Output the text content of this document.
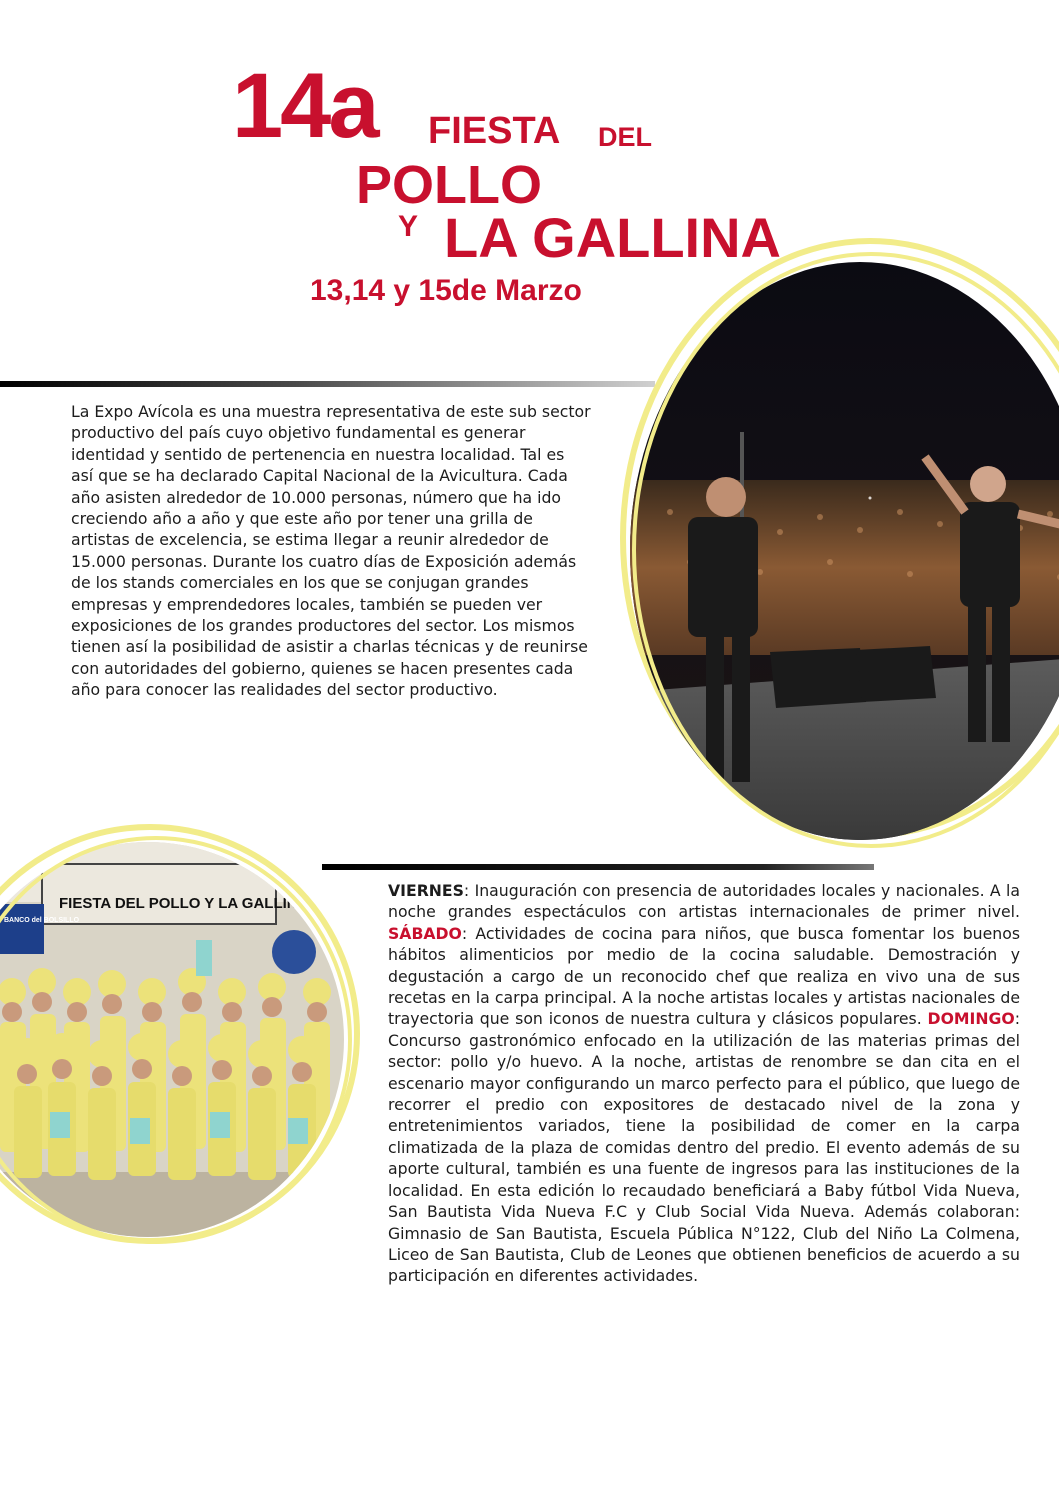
14a FIESTA DEL
POLLO
Y LA GALLINA
13,14 y 15de Marzo

La Expo Avícola es una muestra representativa de este sub sector productivo del país cuyo objetivo fundamental es generar identidad y sentido de pertenencia en nuestra localidad. Tal es así que se ha declarado Capital Nacional de la Avicultura. Cada año asisten alrededor de 10.000 personas, número que ha ido creciendo año a año y que este año por tener una grilla de artistas de excelencia, se estima llegar a reunir alrededor de 15.000 personas. Durante los cuatro días de Exposición además de los stands comerciales en los que se conjugan grandes empresas y emprendedores locales, también se pueden ver exposiciones de los grandes productores del sector. Los mismos tienen así la posibilidad de asistir a charlas técnicas y de reunirse con autoridades del gobierno, quienes se hacen presentes cada año para conocer las realidades del sector productivo.

FIESTA DEL POLLO Y LA GALLINA
BANCO del BOLSILLO

VIERNES: Inauguración con presencia de autoridades locales y nacionales. A la noche grandes espectáculos con artistas internacionales de primer nivel. SÁBADO: Actividades de cocina para niños, que busca fomentar los buenos hábitos alimenticios por medio de la cocina saludable. Demostración y degustación a cargo de un reconocido chef que realiza en vivo una de sus recetas en la carpa principal. A la noche artistas locales y artistas nacionales de trayectoria que son iconos de nuestra cultura y clásicos populares. DOMINGO: Concurso gastronómico enfocado en la utilización de las materias primas del sector: pollo y/o huevo. A la noche, artistas de renombre se dan cita en el escenario mayor configurando un marco perfecto para el público, que luego de recorrer el predio con expositores de destacado nivel de la zona y entretenimientos variados, tiene la posibilidad de comer en la carpa climatizada de la plaza de comidas dentro del predio. El evento además de su aporte cultural, también es una fuente de ingresos para las instituciones de la localidad. En esta edición lo recaudado beneficiará a Baby fútbol Vida Nueva, San Bautista Vida Nueva F.C y Club Social Vida Nueva. Además colaboran: Gimnasio de San Bautista, Escuela Pública N°122, Club del Niño La Colmena, Liceo de San Bautista, Club de Leones que obtienen beneficios de acuerdo a su participación en diferentes actividades.
